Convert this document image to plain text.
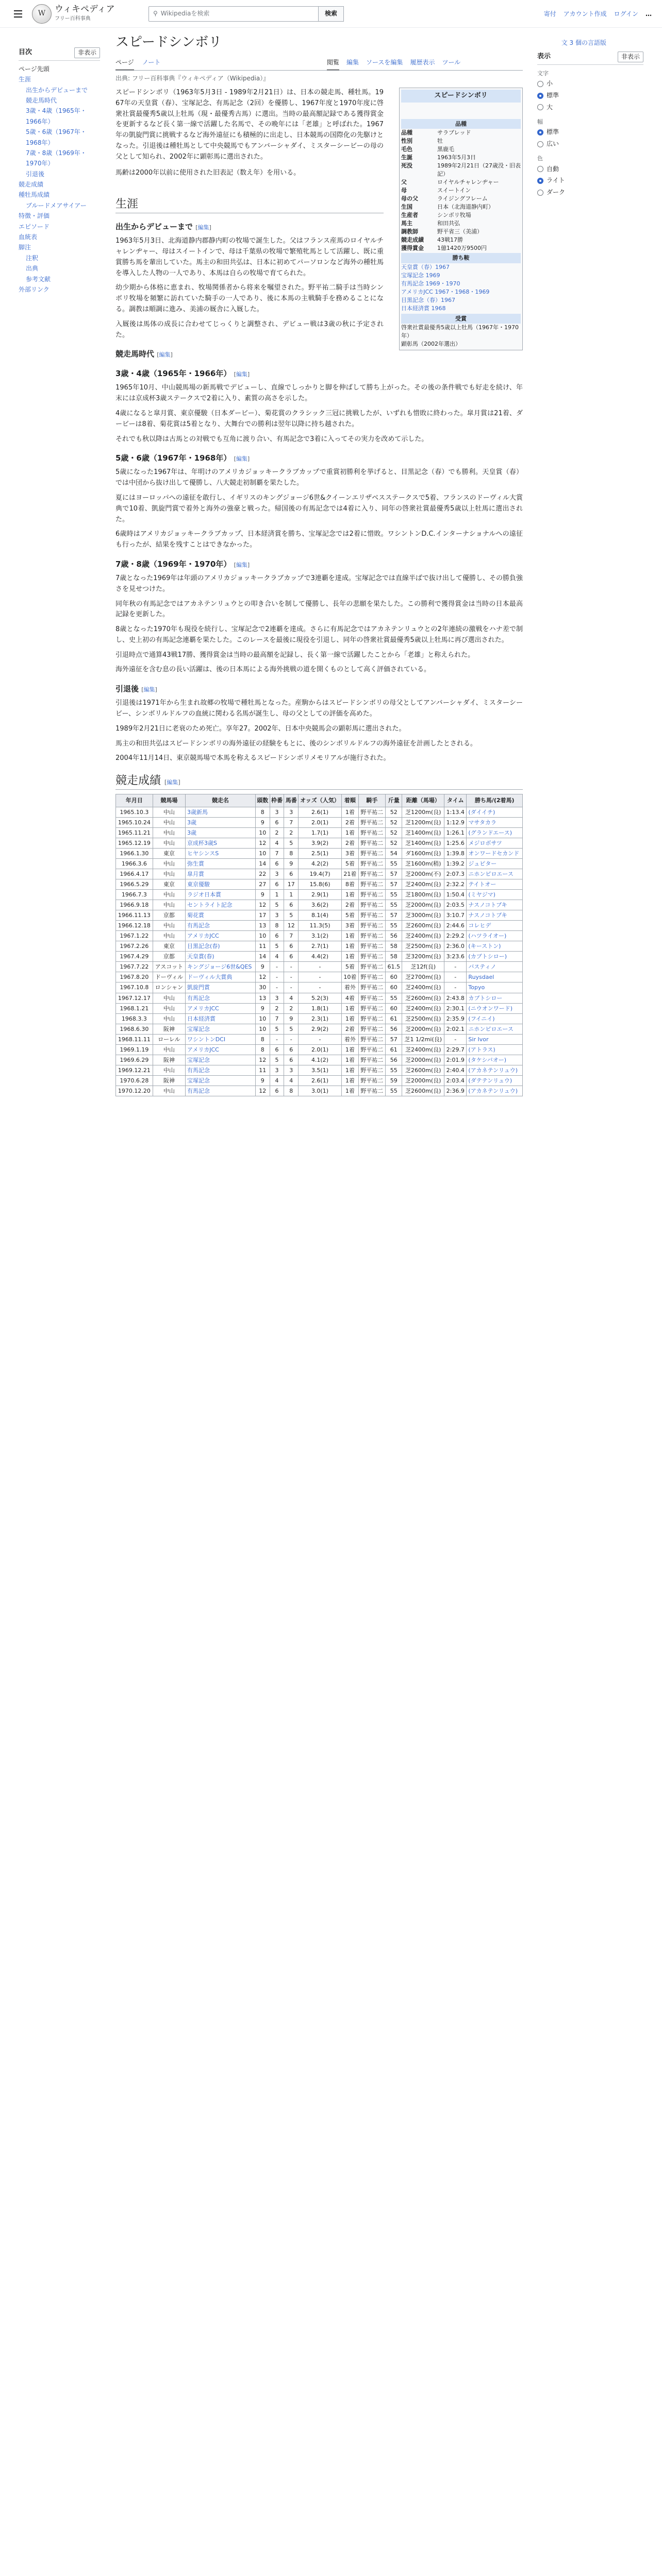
W	ウィキペディア
フリー百科事典
⚲ Wikipediaを検索	検索	寄付 アカウント作成 ログイン …
目次	非表示
ページ先頭
生涯
出生からデビューまで
競走馬時代
3歳・4歳（1965年・1966年）
5歳・6歳（1967年・1968年）
7歳・8歳（1969年・1970年）
引退後
競走成績
種牡馬成績
ブルードメアサイアー
特徴・評価
エピソード
血統表
脚注
注釈
出典
参考文献
外部リンク
スピードシンボリ	文 3 個の言語版
ページ ノート	閲覧 編集 ソースを編集 履歴表示 ツール
出典: フリー百科事典『ウィキペディア（Wikipedia）』
表示	非表示
文字
小
標準
大
幅
標準
広い
色
自動
ライト
ダーク
スピードシンボリ
品種
品種	サラブレッド
性別	牡
毛色	黒鹿毛
生誕	1963年5月3日
死没	1989年2月21日（27歳没・旧表記）
父	ロイヤルチャレンヂャー
母	スイートイン
母の父	ライジングフレーム
生国	日本（北海道静内町）
生産者	シンボリ牧場
馬主	和田共弘
調教師	野平省三（美浦）
競走成績	43戦17勝
獲得賞金	1億1420万9500円
勝ち鞍
天皇賞（春）1967
宝塚記念 1969
有馬記念 1969・1970
アメリカJCC 1967・1968・1969
目黒記念（春）1967
日本経済賞 1968
受賞
啓衆社賞最優秀5歳以上牡馬（1967年・1970年）
顕彰馬（2002年選出）

スピードシンボリ（1963年5月3日 - 1989年2月21日）は、日本の競走馬、種牡馬。1967年の天皇賞（春）、宝塚記念、有馬記念（2回）を優勝し、1967年度と1970年度に啓衆社賞最優秀5歳以上牡馬（現・最優秀古馬）に選出。当時の最高額記録である獲得賞金を更新するなど長く第一線で活躍した名馬で、その晩年には「老雄」と呼ばれた。1967年の凱旋門賞に挑戦するなど海外遠征にも積極的に出走し、日本競馬の国際化の先駆けとなった。引退後は種牡馬として中央競馬でもアンバーシャダイ、ミスターシービーの母の父として知られ、2002年に顕彰馬に選出された。

馬齢は2000年以前に使用された旧表記（数え年）を用いる。

生涯
出生からデビューまで [編集]

1963年5月3日、北海道静内郡静内町の牧場で誕生した。父はフランス産馬のロイヤルチャレンヂャー、母はスイートインで、母は千葉県の牧場で繁殖牝馬として活躍し、既に重賞勝ち馬を輩出していた。馬主の和田共弘は、日本に初めてパーソロンなど海外の種牡馬を導入した人物の一人であり、本馬は自らの牧場で育てられた。

幼少期から体格に恵まれ、牧場関係者から将来を嘱望された。野平祐二騎手は当時シンボリ牧場を頻繁に訪れていた騎手の一人であり、後に本馬の主戦騎手を務めることになる。調教は順調に進み、美浦の厩舎に入厩した。

入厩後は馬体の成長に合わせてじっくりと調整され、デビュー戦は3歳の秋に予定された。

競走馬時代 [編集]
3歳・4歳（1965年・1966年） [編集]

1965年10月、中山競馬場の新馬戦でデビューし、直線でしっかりと脚を伸ばして勝ち上がった。その後の条件戦でも好走を続け、年末には京成杯3歳ステークスで2着に入り、素質の高さを示した。

4歳になると皐月賞、東京優駿（日本ダービー）、菊花賞のクラシック三冠に挑戦したが、いずれも惜敗に終わった。皐月賞は21着、ダービーは8着、菊花賞は5着となり、大舞台での勝利は翌年以降に持ち越された。

それでも秋以降は古馬との対戦でも互角に渡り合い、有馬記念で3着に入ってその実力を改めて示した。

5歳・6歳（1967年・1968年） [編集]

5歳になった1967年は、年明けのアメリカジョッキークラブカップで重賞初勝利を挙げると、目黒記念（春）でも勝利。天皇賞（春）では中団から抜け出して優勝し、八大競走初制覇を果たした。

夏にはヨーロッパへの遠征を敢行し、イギリスのキングジョージ6世&クイーンエリザベスステークスで5着、フランスのドーヴィル大賞典で10着、凱旋門賞で着外と海外の強豪と戦った。帰国後の有馬記念では4着に入り、同年の啓衆社賞最優秀5歳以上牡馬に選出された。

6歳時はアメリカジョッキークラブカップ、日本経済賞を勝ち、宝塚記念では2着に惜敗。ワシントンD.C.インターナショナルへの遠征も行ったが、結果を残すことはできなかった。

7歳・8歳（1969年・1970年） [編集]

7歳となった1969年は年頭のアメリカジョッキークラブカップで3連覇を達成。宝塚記念では直線半ばで抜け出して優勝し、その勝負強さを見せつけた。

同年秋の有馬記念ではアカネテンリュウとの叩き合いを制して優勝し、長年の悲願を果たした。この勝利で獲得賞金は当時の日本最高記録を更新した。

8歳となった1970年も現役を続行し、宝塚記念で2連覇を達成。さらに有馬記念ではアカネテンリュウとの2年連続の激戦をハナ差で制し、史上初の有馬記念連覇を果たした。このレースを最後に現役を引退し、同年の啓衆社賞最優秀5歳以上牡馬に再び選出された。

引退時点で通算43戦17勝、獲得賞金は当時の最高額を記録し、長く第一線で活躍したことから「老雄」と称えられた。

海外遠征を含む息の長い活躍は、後の日本馬による海外挑戦の道を開くものとして高く評価されている。

引退後 [編集]

引退後は1971年から生まれ故郷の牧場で種牡馬となった。産駒からはスピードシンボリの母父としてアンバーシャダイ、ミスターシービー、シンボリルドルフの血統に関わる名馬が誕生し、母の父としての評価を高めた。

1989年2月21日に老衰のため死亡。享年27。2002年、日本中央競馬会の顕彰馬に選出された。

馬主の和田共弘はスピードシンボリの海外遠征の経験をもとに、後のシンボリルドルフの海外遠征を計画したとされる。

2004年11月14日、東京競馬場で本馬を称えるスピードシンボリメモリアルが施行された。

競走成績 [編集]
年月日	競馬場	競走名	頭数	枠番	馬番	オッズ（人気）	着順	騎手	斤量	距離（馬場）	タイム	勝ち馬/(2着馬)
1965.10.3	中山	3歳新馬	8	3	3	2.6(1)	1着	野平祐二	52	芝1200m(良)	1:13.4	(ダイイチ)
1965.10.24	中山	3歳	9	6	7	2.0(1)	2着	野平祐二	52	芝1200m(良)	1:12.9	マサタカラ
1965.11.21	中山	3歳	10	2	2	1.7(1)	1着	野平祐二	52	芝1400m(良)	1:26.1	(グランドエース)
1965.12.19	中山	京成杯3歳S	12	4	5	3.9(2)	2着	野平祐二	52	芝1400m(良)	1:25.6	メジロボサツ
1966.1.30	東京	ヒヤシンスS	10	7	8	2.5(1)	3着	野平祐二	54	ダ1600m(良)	1:39.8	オンワードセカンド
1966.3.6	中山	弥生賞	14	6	9	4.2(2)	5着	野平祐二	55	芝1600m(稍)	1:39.2	ジュピター
1966.4.17	中山	皐月賞	22	3	6	19.4(7)	21着	野平祐二	57	芝2000m(不)	2:07.3	ニホンピロエース
1966.5.29	東京	東京優駿	27	6	17	15.8(6)	8着	野平祐二	57	芝2400m(良)	2:32.2	テイトオー
1966.7.3	中山	ラジオ日本賞	9	1	1	2.9(1)	1着	野平祐二	55	芝1800m(良)	1:50.4	(ミヤジマ)
1966.9.18	中山	セントライト記念	12	5	6	3.6(2)	2着	野平祐二	55	芝2000m(良)	2:03.5	ナスノコトブキ
1966.11.13	京都	菊花賞	17	3	5	8.1(4)	5着	野平祐二	57	芝3000m(良)	3:10.7	ナスノコトブキ
1966.12.18	中山	有馬記念	13	8	12	11.3(5)	3着	野平祐二	55	芝2600m(良)	2:44.6	コレヒデ
1967.1.22	中山	アメリカJCC	10	6	7	3.1(2)	1着	野平祐二	56	芝2400m(良)	2:29.2	(ハツライオー)
1967.2.26	東京	目黒記念(春)	11	5	6	2.7(1)	1着	野平祐二	58	芝2500m(良)	2:36.0	(キーストン)
1967.4.29	京都	天皇賞(春)	14	4	6	4.4(2)	1着	野平祐二	58	芝3200m(良)	3:23.6	(カブトシロー)
1967.7.22	アスコット	キングジョージ6世&QES	9	-	-	-	5着	野平祐二	61.5	芝12f(良)	-	バスティノ
1967.8.20	ドーヴィル	ドーヴィル大賞典	12	-	-	-	10着	野平祐二	60	芝2700m(良)	-	Ruysdael
1967.10.8	ロンシャン	凱旋門賞	30	-	-	-	着外	野平祐二	60	芝2400m(良)	-	Topyo
1967.12.17	中山	有馬記念	13	3	4	5.2(3)	4着	野平祐二	55	芝2600m(良)	2:43.8	カブトシロー
1968.1.21	中山	アメリカJCC	9	2	2	1.8(1)	1着	野平祐二	60	芝2400m(良)	2:30.1	(ニウオンワード)
1968.3.3	中山	日本経済賞	10	7	9	2.3(1)	1着	野平祐二	61	芝2500m(良)	2:35.9	(フイニイ)
1968.6.30	阪神	宝塚記念	10	5	5	2.9(2)	2着	野平祐二	56	芝2000m(良)	2:02.1	ニホンピロエース
1968.11.11	ローレル	ワシントンDCI	8	-	-	-	着外	野平祐二	57	芝1 1/2mi(良)	-	Sir Ivor
1969.1.19	中山	アメリカJCC	8	6	6	2.0(1)	1着	野平祐二	61	芝2400m(良)	2:29.7	(アトラス)
1969.6.29	阪神	宝塚記念	12	5	6	4.1(2)	1着	野平祐二	56	芝2000m(良)	2:01.9	(タケシバオー)
1969.12.21	中山	有馬記念	11	3	3	3.5(1)	1着	野平祐二	55	芝2600m(良)	2:40.4	(アカネテンリュウ)
1970.6.28	阪神	宝塚記念	9	4	4	2.6(1)	1着	野平祐二	59	芝2000m(良)	2:03.4	(ダテテンリュウ)
1970.12.20	中山	有馬記念	12	6	8	3.0(1)	1着	野平祐二	55	芝2600m(良)	2:36.9	(アカネテンリュウ)
